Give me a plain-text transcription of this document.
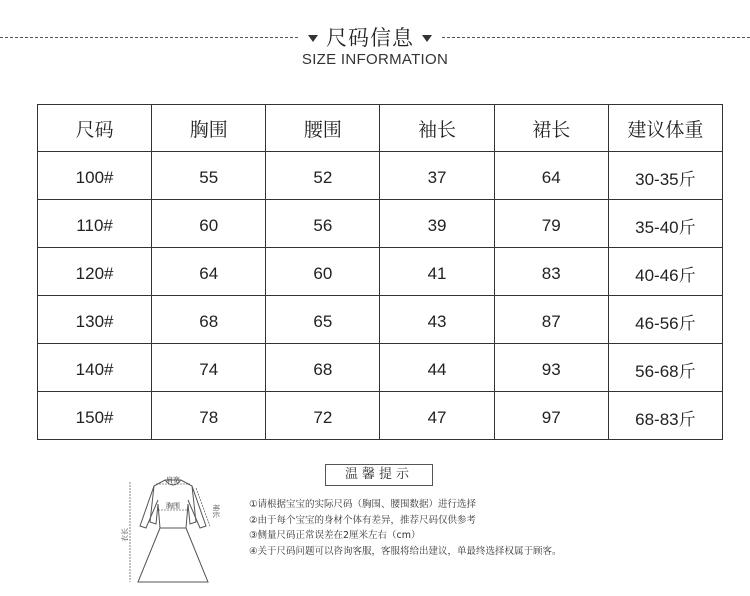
尺码信息
SIZE INFORMATION
尺码	胸围	腰围	袖长	裙长	建议体重
100#	55	52	37	64	30-35斤
110#	60	56	39	79	35-40斤
120#	64	60	41	83	40-46斤
130#	68	65	43	87	46-56斤
140#	74	68	44	93	56-68斤
150#	78	72	47	97	68-83斤
肩宽
胸围
衣长
袖长
温馨提示
①请根据宝宝的实际尺码（胸围、腰围数据）进行选择
②由于每个宝宝的身材个体有差异，推荐尺码仅供参考
③侧量尺码正常误差在2厘米左右（cm）
④关于尺码问题可以咨询客服，客服将给出建议，单最终选择权属于顾客。
